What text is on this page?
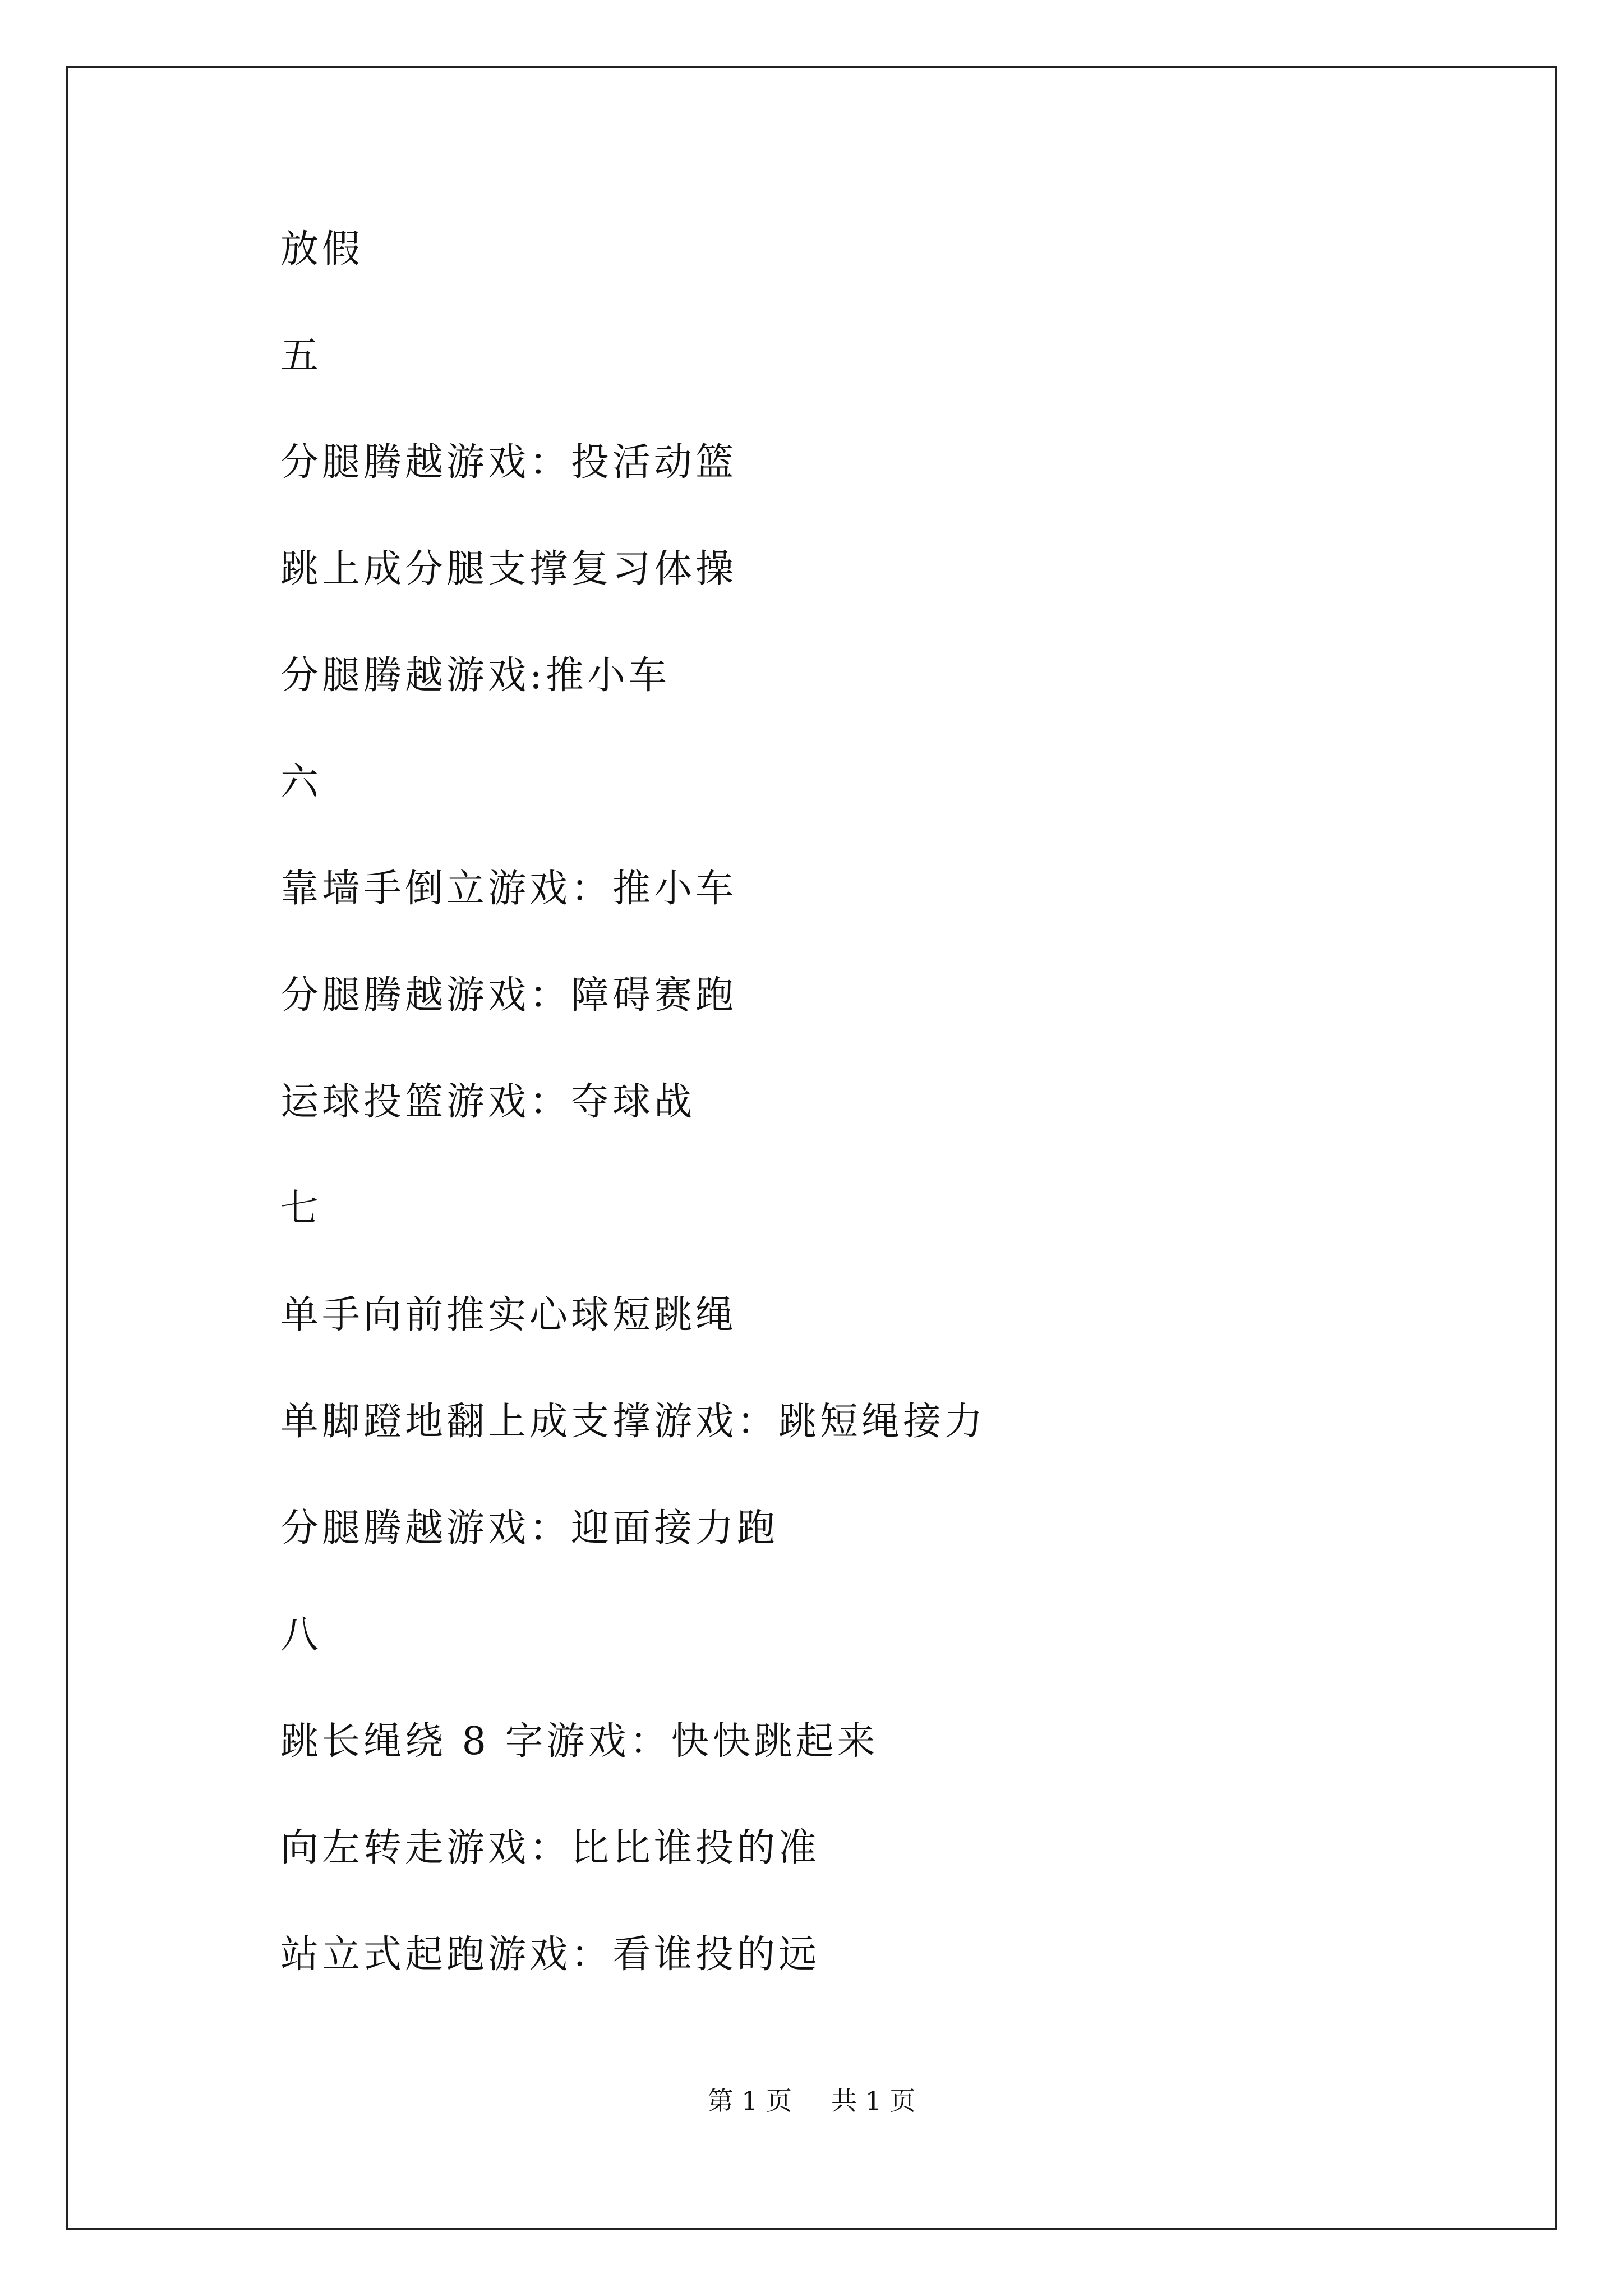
放假
五
分腿腾越游戏：投活动篮
跳上成分腿支撑复习体操
分腿腾越游戏:推小车
六
靠墙手倒立游戏：推小车
分腿腾越游戏：障碍赛跑
运球投篮游戏：夺球战
七
单手向前推实心球短跳绳
单脚蹬地翻上成支撑游戏：跳短绳接力
分腿腾越游戏：迎面接力跑
八
跳长绳绕 8 字游戏：快快跳起来
向左转走游戏：比比谁投的准
站立式起跑游戏：看谁投的远
第 1 页 共 1 页
